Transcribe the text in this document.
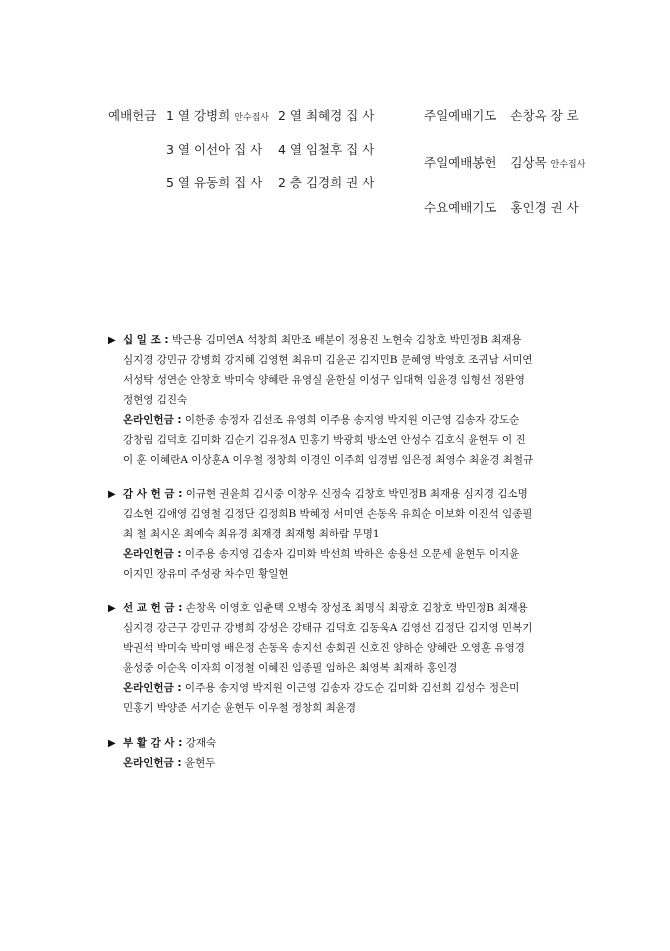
예배헌금 1 열 강병희 안수집사 2 열 최혜경 집 사
3 열 이선아 집 사 4 열 임철후 집 사
5 열 유동희 집 사 2 층 김경희 권 사
주일예배기도 손창옥 장 로
주일예배봉헌 김상목 안수집사
수요예배기도 홍인경 권 사
▶ 십 일 조 : 박근용 김미연A 석창희 최만조 배분이 정용진 노현숙 김창호 박민정B 최재용
심지경 강민규 강병희 강지혜 김영현 최유미 김윤곤 김지민B 문혜영 박영호 조귀남 서미연
서성탁 성연순 안창호 박미숙 양혜란 유영실 윤한실 이성구 임대혁 임윤경 임형선 정완영
정현영 김진숙
온라인헌금 : 이한종 송정자 김선조 유영희 이주용 송지영 박지원 이근영 김송자 강도순
강창림 김덕호 김미화 김순기 김유정A 민홍기 박광희 방소연 안성수 김호식 윤현두 이 진
이 훈 이혜란A 이상훈A 이우철 정창희 이경인 이주희 임경범 임은정 최영수 최윤경 최철규
▶ 감 사 헌 금 : 이규현 권윤희 김시중 이창우 신정숙 김창호 박민정B 최재용 심지경 김소명
김소현 김애영 김영철 김정단 김정희B 박혜정 서미연 손동옥 유희순 이보화 이진석 임종필
최 철 최시온 최예숙 최유경 최재경 최재형 최하람 무명1
온라인헌금 : 이주용 송지영 김송자 김미화 박선희 박하은 송용선 오문세 윤현두 이지윤
이지민 장유미 주성광 차수민 황일현
▶ 선 교 헌 금 : 손창옥 이영호 임춘택 오병숙 장성조 최명식 최광호 김창호 박민정B 최재용
심지경 강근구 강민규 강병희 강성은 강태규 김덕호 김동욱A 김영선 김정단 김지영 민복기
박권석 박미숙 박미영 배은정 손동옥 송지선 송회권 신호진 양하순 양혜란 오영훈 유영경
윤성중 이순옥 이자희 이정철 이혜진 임종필 임하은 최영복 최재하 홍인경
온라인헌금 : 이주용 송지영 박지원 이근영 김송자 강도순 김미화 김선희 김성수 정은미
민홍기 박양준 서기순 윤현두 이우철 정창희 최윤경
▶ 부 활 감 사 : 강재숙
온라인헌금 : 윤현두
